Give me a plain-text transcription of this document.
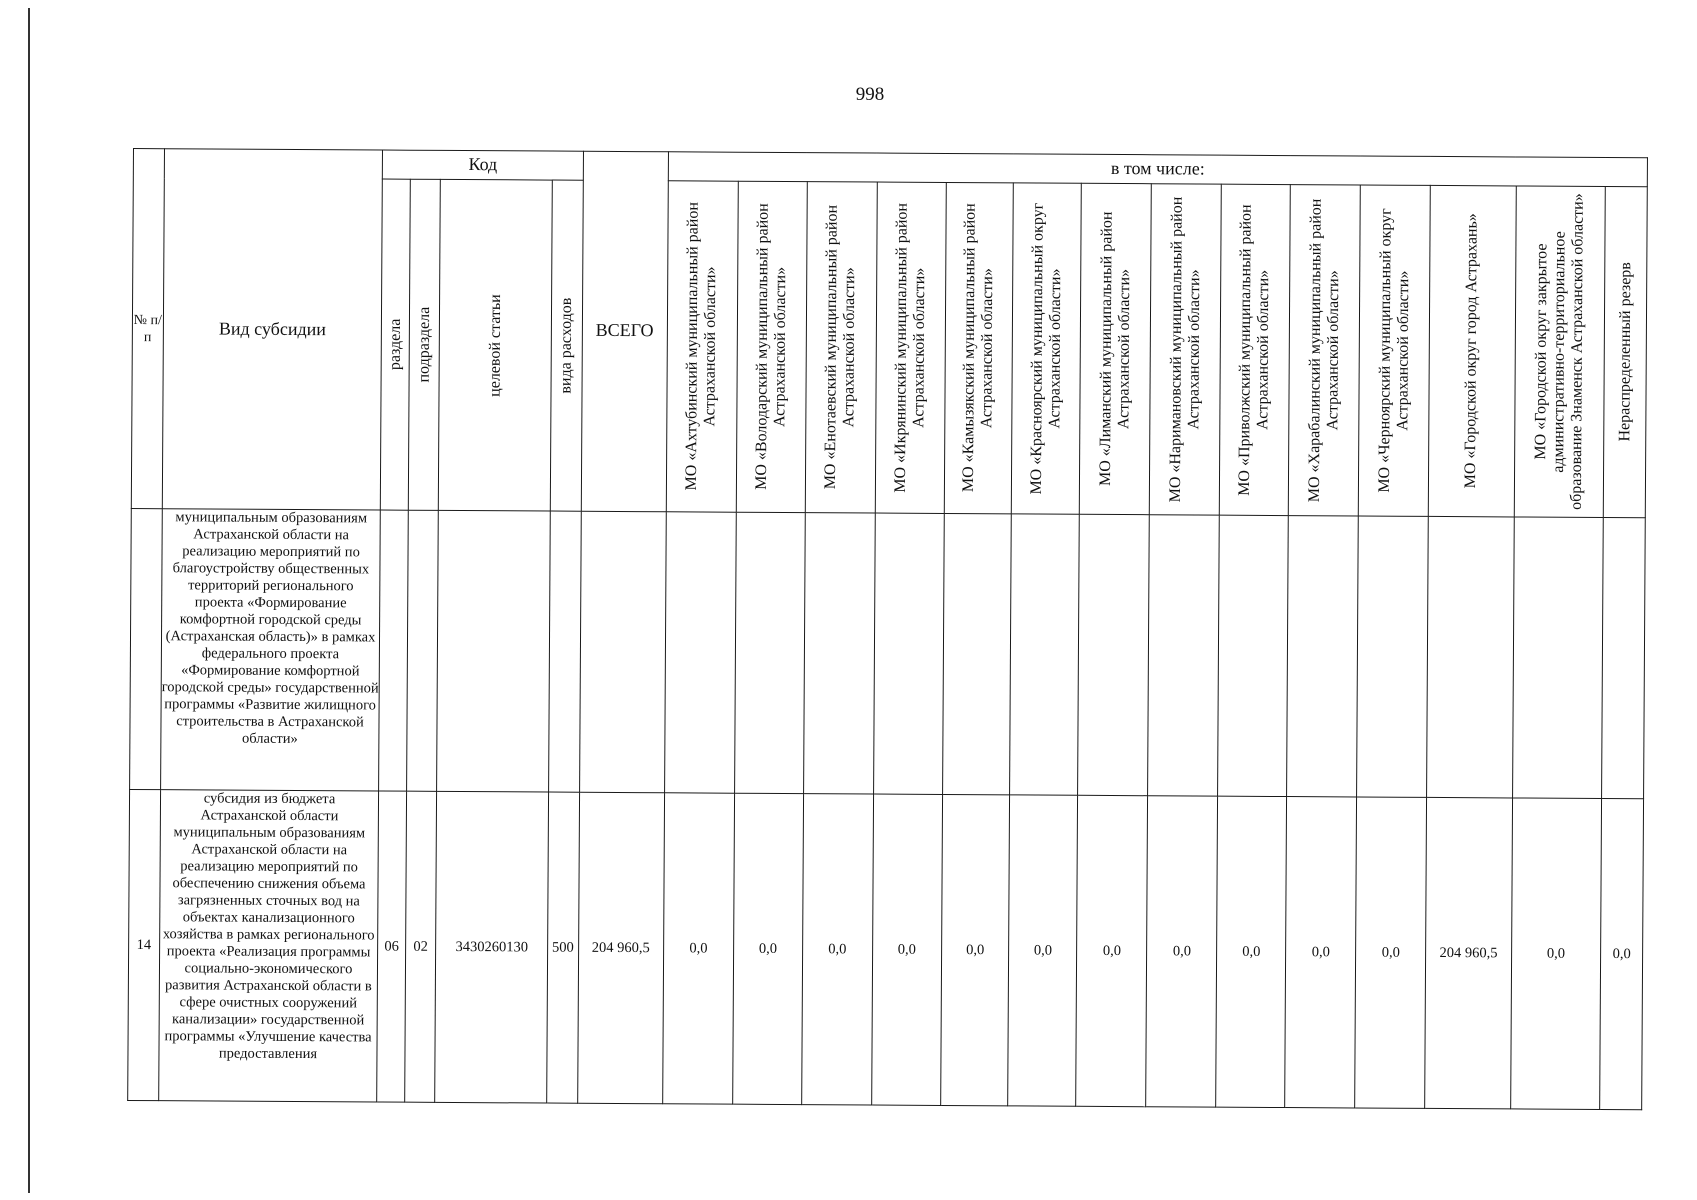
998
№ п/п	Вид субсидии	Код				ВСЕГО	в том числе:													

		раздела	подраздела	целевой статьи	вида расходов		МО «Ахтубинский муниципальный район Астраханской области»	МО «Володарский муниципальный район Астраханской области»	МО «Енотаевский муниципальный район Астраханской области»	МО «Икрянинский муниципальный район Астраханской области»	МО «Камызякский муниципальный район Астраханской области»	МО «Красноярский муниципальный округ Астраханской области»	МО «Лиманский муниципальный район Астраханской области»	МО «Наримановский муниципальный район Астраханской области»	МО «Приволжский муниципальный район Астраханской области»	МО «Харабалинский муниципальный район Астраханской области»	МО «Черноярский муниципальный округ Астраханской области»	МО «Городской округ город Астрахань»	МО «Городской округ закрытое административно-территориальное образование Знаменск Астраханской области»	Нераспределенный резерв

	муниципальным образованиям Астраханской области на реализацию мероприятий по благоустройству общественных территорий регионального проекта «Формирование комфортной городской среды (Астраханская область)» в рамках федерального проекта «Формирование комфортной городской среды» государственной программы «Развитие жилищного строительства в Астраханской области»																			
14	субсидия из бюджета Астраханской области муниципальным образованиям Астраханской области на реализацию мероприятий по обеспечению снижения объема загрязненных сточных вод на объектах канализационного хозяйства в рамках регионального проекта «Реализация программы социально-экономического развития Астраханской области в сфере очистных сооружений канализации» государственной программы «Улучшение качества предоставления	06	02	3430260130	500	204 960,5	0,0	0,0	0,0	0,0	0,0	0,0	0,0	0,0	0,0	0,0	0,0	204 960,5	0,0	0,0
